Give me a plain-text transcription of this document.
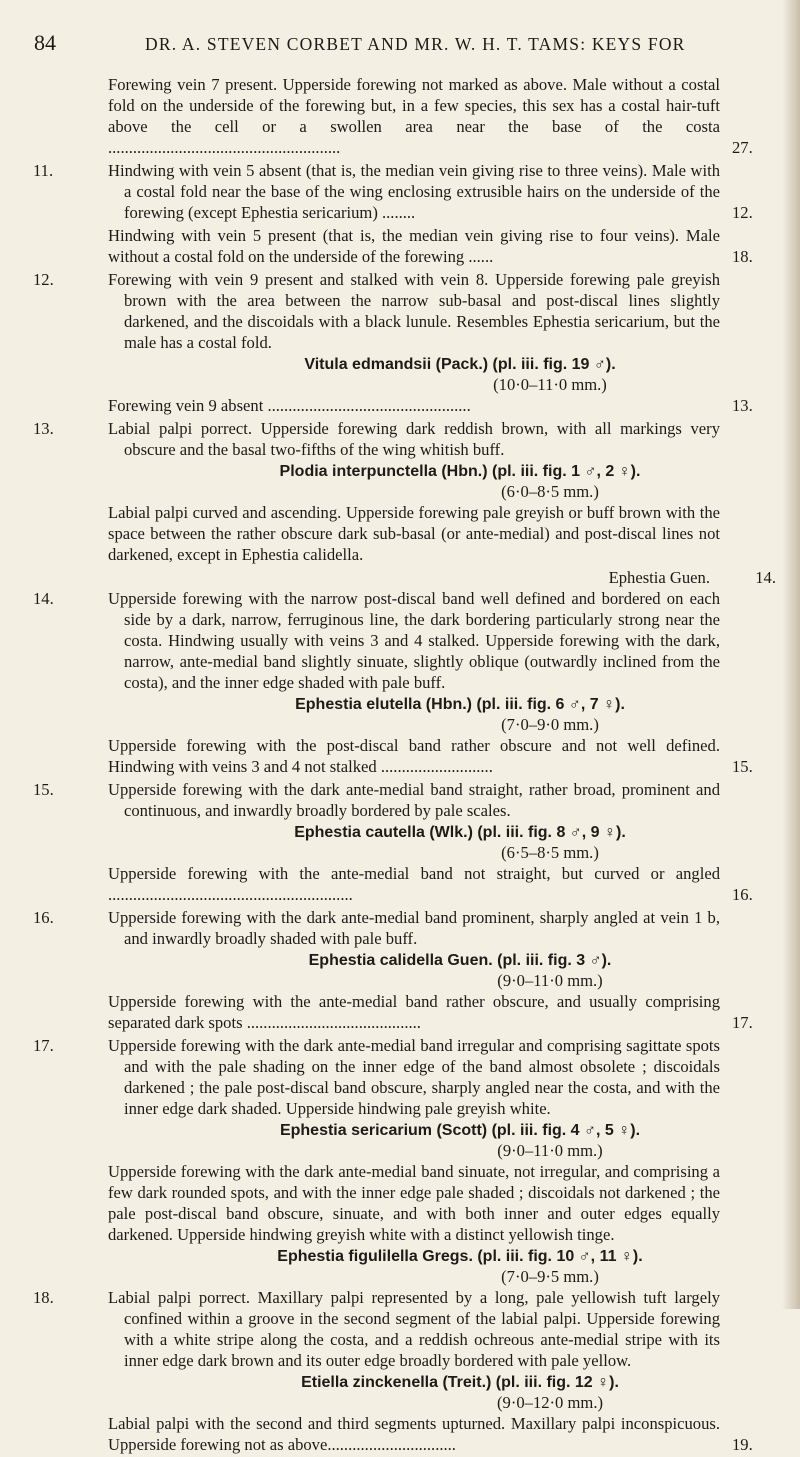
84	DR. A. STEVEN CORBET AND MR. W. H. T. TAMS: KEYS FOR
Forewing vein 7 present. Upperside forewing not marked as above. Male without a costal fold on the underside of the forewing but, in a few species, this sex has a costal hair-tuft above the cell or a swollen area near the base of the costa ........................................................	27.
11.	Hindwing with vein 5 absent (that is, the median vein giving rise to three veins). Male with a costal fold near the base of the wing enclosing extrusible hairs on the underside of the forewing (except Ephestia sericarium) ........	12.
Hindwing with vein 5 present (that is, the median vein giving rise to four veins). Male without a costal fold on the underside of the forewing ......	18.
12.	Forewing with vein 9 present and stalked with vein 8. Upperside forewing pale greyish brown with the area between the narrow sub-basal and post-discal lines slightly darkened, and the discoidals with a black lunule. Resembles Ephestia sericarium, but the male has a costal fold.
Vitula edmandsii (Pack.) (pl. iii. fig. 19 ♂).
(10·0–11·0 mm.)
Forewing vein 9 absent .................................................	13.
13.	Labial palpi porrect. Upperside forewing dark reddish brown, with all markings very obscure and the basal two-fifths of the wing whitish buff.
Plodia interpunctella (Hbn.) (pl. iii. fig. 1 ♂, 2 ♀).
(6·0–8·5 mm.)
Labial palpi curved and ascending. Upperside forewing pale greyish or buff brown with the space between the rather obscure dark sub-basal (or ante-medial) and post-discal lines not darkened, except in Ephestia calidella.
Ephestia Guen.	14.
14.	Upperside forewing with the narrow post-discal band well defined and bordered on each side by a dark, narrow, ferruginous line, the dark bordering particularly strong near the costa. Hindwing usually with veins 3 and 4 stalked. Upperside forewing with the dark, narrow, ante-medial band slightly sinuate, slightly oblique (outwardly inclined from the costa), and the inner edge shaded with pale buff.
Ephestia elutella (Hbn.) (pl. iii. fig. 6 ♂, 7 ♀).
(7·0–9·0 mm.)
Upperside forewing with the post-discal band rather obscure and not well defined. Hindwing with veins 3 and 4 not stalked ...........................	15.
15.	Upperside forewing with the dark ante-medial band straight, rather broad, prominent and continuous, and inwardly broadly bordered by pale scales.
Ephestia cautella (Wlk.) (pl. iii. fig. 8 ♂, 9 ♀).
(6·5–8·5 mm.)
Upperside forewing with the ante-medial band not straight, but curved or angled ...........................................................	16.
16.	Upperside forewing with the dark ante-medial band prominent, sharply angled at vein 1 b, and inwardly broadly shaded with pale buff.
Ephestia calidella Guen. (pl. iii. fig. 3 ♂).
(9·0–11·0 mm.)
Upperside forewing with the ante-medial band rather obscure, and usually comprising separated dark spots ..........................................	17.
17.	Upperside forewing with the dark ante-medial band irregular and comprising sagittate spots and with the pale shading on the inner edge of the band almost obsolete ; discoidals darkened ; the pale post-discal band obscure, sharply angled near the costa, and with the inner edge dark shaded. Upperside hindwing pale greyish white.
Ephestia sericarium (Scott) (pl. iii. fig. 4 ♂, 5 ♀).
(9·0–11·0 mm.)
Upperside forewing with the dark ante-medial band sinuate, not irregular, and comprising a few dark rounded spots, and with the inner edge pale shaded ; discoidals not darkened ; the pale post-discal band obscure, sinuate, and with both inner and outer edges equally darkened. Upperside hindwing greyish white with a distinct yellowish tinge.
Ephestia figulilella Gregs. (pl. iii. fig. 10 ♂, 11 ♀).
(7·0–9·5 mm.)
18.	Labial palpi porrect. Maxillary palpi represented by a long, pale yellowish tuft largely confined within a groove in the second segment of the labial palpi. Upperside forewing with a white stripe along the costa, and a reddish ochreous ante-medial stripe with its inner edge dark brown and its outer edge broadly bordered with pale yellow.
Etiella zinckenella (Treit.) (pl. iii. fig. 12 ♀).
(9·0–12·0 mm.)
Labial palpi with the second and third segments upturned. Maxillary palpi inconspicuous. Upperside forewing not as above...............................	19.
